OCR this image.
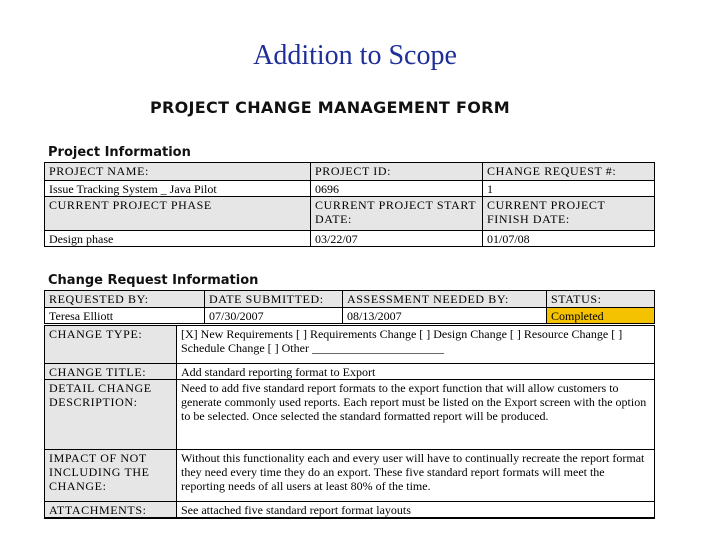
Addition to Scope
PROJECT CHANGE MANAGEMENT FORM
Project Information
PROJECT NAME:	PROJECT ID:	CHANGE REQUEST #:
Issue Tracking System _ Java Pilot	0696	1
CURRENT PROJECT PHASE	CURRENT PROJECT START DATE:	CURRENT PROJECT FINISH DATE:
Design phase	03/22/07	01/07/08
Change Request Information
REQUESTED BY:	DATE SUBMITTED:	ASSESSMENT NEEDED BY:	STATUS:
Teresa Elliott	07/30/2007	08/13/2007	Completed
CHANGE TYPE:	[X] New Requirements [ ] Requirements Change [ ] Design Change [ ] Resource Change [ ] Schedule Change [ ] Other ______________________
CHANGE TITLE:	Add standard reporting format to Export
DETAIL CHANGE DESCRIPTION:	Need to add five standard report formats to the export function that will allow customers to generate commonly used reports. Each report must be listed on the Export screen with the option to be selected. Once selected the standard formatted report will be produced.
IMPACT OF NOT INCLUDING THE CHANGE:	Without this functionality each and every user will have to continually recreate the report format they need every time they do an export. These five standard report formats will meet the reporting needs of all users at least 80% of the time.
ATTACHMENTS:	See attached five standard report format layouts
